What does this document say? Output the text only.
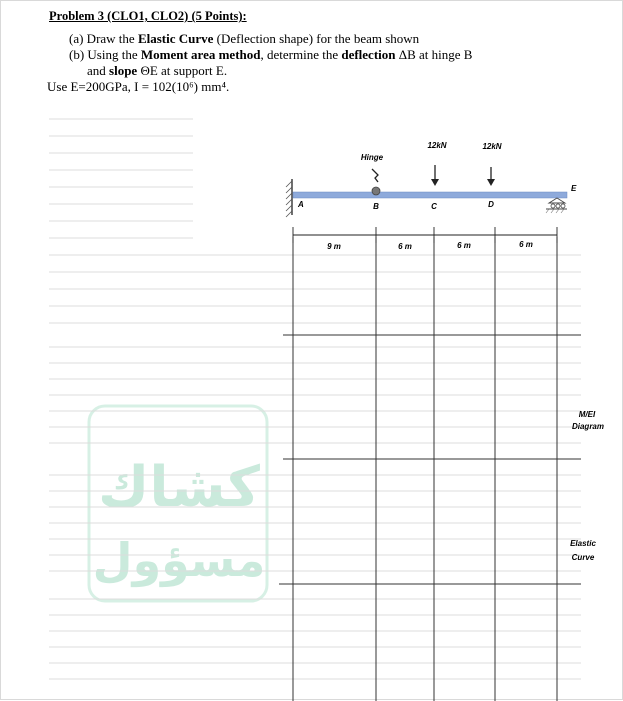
Problem 3 (CLO1, CLO2) (5 Points):
(a) Draw the Elastic Curve (Deflection shape) for the beam shown
(b) Using the Moment area method, determine the deflection ΔB at hinge B
and slope ΘE at support E.
Use E=200GPa, I = 102(10⁶) mm⁴.
كشاك
مسؤول
Hinge
12kN	12kN
A	B	C	D
E
9 m	6 m	6 m	6 m
M/EI
Diagram
Elastic
Curve
